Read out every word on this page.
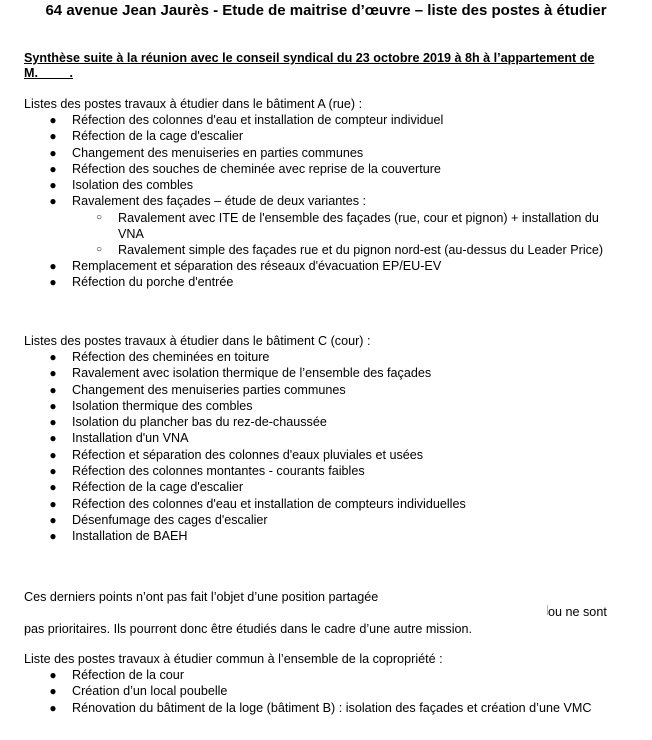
64 avenue Jean Jaurès - Etude de maitrise d’œuvre – liste des postes à étudier
Synthèse suite à la réunion avec le conseil syndical du 23 octobre 2019 à 8h à l’appartement de
M.         .
Listes des postes travaux à étudier dans le bâtiment A (rue) :
● Réfection des colonnes d'eau et installation de compteur individuel
● Réfection de la cage d'escalier
● Changement des menuiseries en parties communes
● Réfection des souches de cheminée avec reprise de la couverture
● Isolation des combles
● Ravalement des façades – étude de deux variantes :
○ Ravalement avec ITE de l'ensemble des façades (rue, cour et pignon) + installation du VNA
○ Ravalement simple des façades rue et du pignon nord-est (au-dessus du Leader Price)
● Remplacement et séparation des réseaux d'évacuation EP/EU-EV
● Réfection du porche d'entrée
Listes des postes travaux à étudier dans le bâtiment C (cour) :
● Réfection des cheminées en toiture
● Ravalement avec isolation thermique de l’ensemble des façades
● Changement des menuiseries parties communes
● Isolation thermique des combles
● Isolation du plancher bas du rez-de-chaussée
● Installation d'un VNA
● Réfection et séparation des colonnes d'eaux pluviales et usées
● Réfection des colonnes montantes - courants faibles
● Réfection de la cage d'escalier
● Réfection des colonnes d'eau et installation de compteurs individuelles
● Désenfumage des cages d'escalier
● Installation de BAEH
Ces derniers points n’ont pas fait l’objet d’une position partagée

ou ne sont
pas prioritaires. Ils pourront donc être étudiés dans le cadre d’une autre mission.
Liste des postes travaux à étudier commun à l’ensemble de la copropriété :
● Réfection de la cour
● Création d’un local poubelle
● Rénovation du bâtiment de la loge (bâtiment B) : isolation des façades et création d’une VMC
